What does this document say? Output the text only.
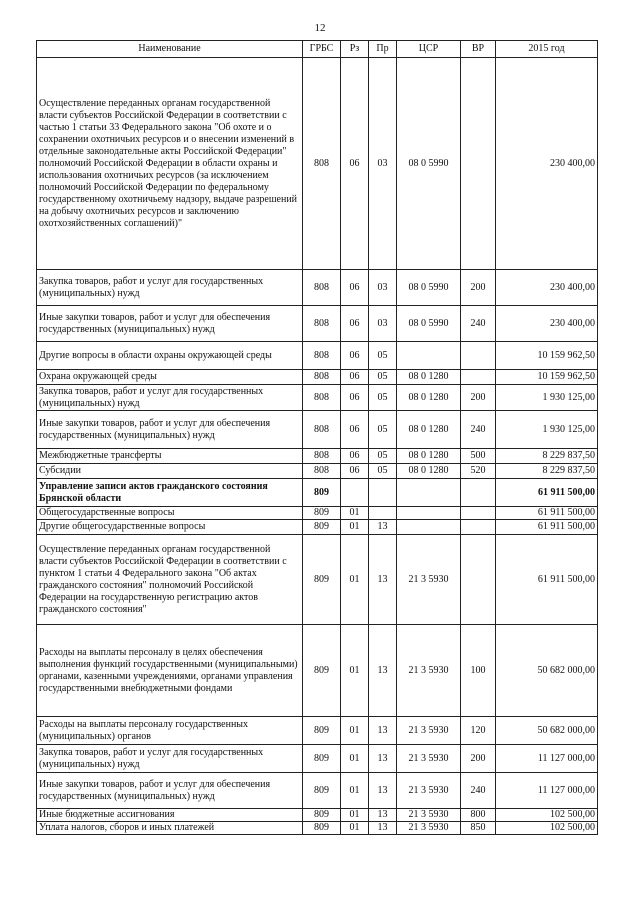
12
Наименование	ГРБС	Рз	Пр	ЦСР	ВР	2015 год
Осуществление переданных органам государственной власти субъектов Российской Федерации в соответствии с частью 1 статьи 33 Федерального закона "Об охоте и о сохранении охотничьих ресурсов и о внесении изменений в отдельные законодательные акты Российской Федерации" полномочий Российской Федерации в области охраны и использования охотничьих ресурсов (за исключением полномочий Российской Федерации по федеральному государственному охотничьему надзору, выдаче разрешений на добычу охотничьих ресурсов и заключению охотхозяйственных соглашений)"	808	06	03	08 0 5990		230 400,00
Закупка товаров, работ и услуг для государственных (муниципальных) нужд	808	06	03	08 0 5990	200	230 400,00
Иные закупки товаров, работ и услуг для обеспечения государственных (муниципальных) нужд	808	06	03	08 0 5990	240	230 400,00
Другие вопросы в области охраны окружающей среды	808	06	05			10 159 962,50
Охрана окружающей среды	808	06	05	08 0 1280		10 159 962,50
Закупка товаров, работ и услуг для государственных (муниципальных) нужд	808	06	05	08 0 1280	200	1 930 125,00
Иные закупки товаров, работ и услуг для обеспечения государственных (муниципальных) нужд	808	06	05	08 0 1280	240	1 930 125,00
Межбюджетные трансферты	808	06	05	08 0 1280	500	8 229 837,50
Субсидии	808	06	05	08 0 1280	520	8 229 837,50
Управление записи актов гражданского состояния Брянской области	809					61 911 500,00
Общегосударственные вопросы	809	01				61 911 500,00
Другие общегосударственные вопросы	809	01	13			61 911 500,00
Осуществление переданных органам государственной власти субъектов Российской Федерации в соответствии с пунктом 1 статьи 4 Федерального закона "Об актах гражданского состояния" полномочий Российской Федерации на государственную регистрацию актов гражданского состояния"	809	01	13	21 3 5930		61 911 500,00
Расходы на выплаты персоналу в целях обеспечения выполнения функций государственными (муниципальными) органами, казенными учреждениями, органами управления государственными внебюджетными фондами	809	01	13	21 3 5930	100	50 682 000,00
Расходы на выплаты персоналу государственных (муниципальных) органов	809	01	13	21 3 5930	120	50 682 000,00
Закупка товаров, работ и услуг для государственных (муниципальных) нужд	809	01	13	21 3 5930	200	11 127 000,00
Иные закупки товаров, работ и услуг для обеспечения государственных (муниципальных) нужд	809	01	13	21 3 5930	240	11 127 000,00
Иные бюджетные ассигнования	809	01	13	21 3 5930	800	102 500,00
Уплата налогов, сборов и иных платежей	809	01	13	21 3 5930	850	102 500,00
